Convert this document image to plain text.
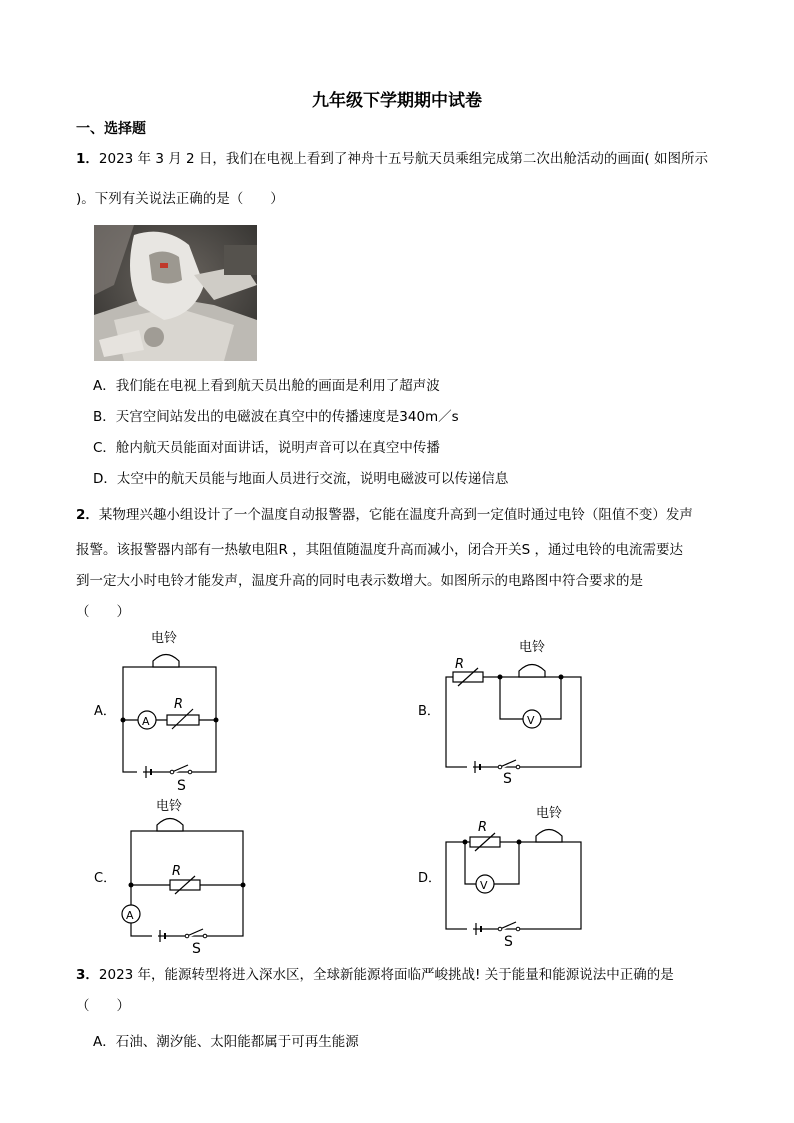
九年级下学期期中试卷
一、选择题
1．2023 年 3 月 2 日，我们在电视上看到了神舟十五号航天员乘组完成第二次出舱活动的画面( 如图所示
)。下列有关说法正确的是（　　）
A．我们能在电视上看到航天员出舱的画面是利用了超声波
B．天宫空间站发出的电磁波在真空中的传播速度是340m／s
C．舱内航天员能面对面讲话，说明声音可以在真空中传播
D．太空中的航天员能与地面人员进行交流，说明电磁波可以传递信息
2．某物理兴趣小组设计了一个温度自动报警器，它能在温度升高到一定值时通过电铃（阻值不变）发声
报警。该报警器内部有一热敏电阻R ，其阻值随温度升高而减小，闭合开关S ，通过电铃的电流需要达
到一定大小时电铃才能发声，温度升高的同时电表示数增大。如图所示的电路图中符合要求的是
（　　）
A．
电铃
R
A
S
B．
电铃
R
V
S
C．
电铃
R
A
S
D．
电铃
R
V
S
3．2023 年，能源转型将进入深水区，全球新能源将面临严峻挑战! 关于能量和能源说法中正确的是
（　　）
A．石油、潮汐能、太阳能都属于可再生能源
